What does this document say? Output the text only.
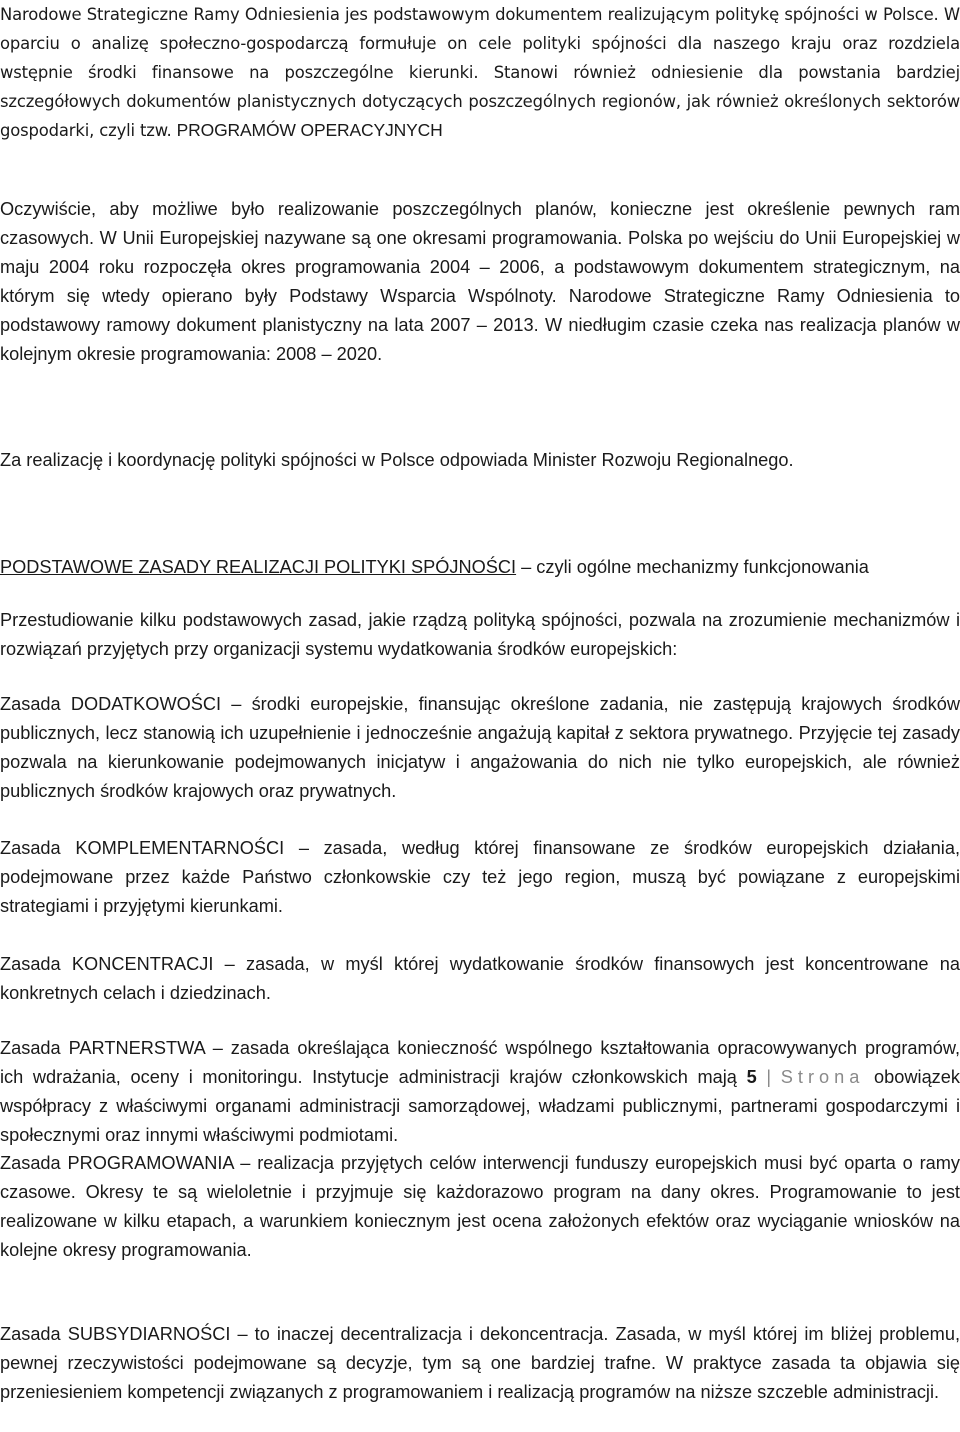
Narodowe Strategiczne Ramy Odniesienia jes podstawowym dokumentem realizującym politykę spójności w Polsce. W oparciu o analizę społeczno-gospodarczą formułuje on cele polityki spójności dla naszego kraju oraz rozdziela wstępnie środki finansowe na poszczególne kierunki. Stanowi również odniesienie dla powstania bardziej szczegółowych dokumentów planistycznych dotyczących poszczególnych regionów, jak również określonych sektorów gospodarki, czyli tzw. PROGRAMÓW OPERACYJNYCH

Oczywiście, aby możliwe było realizowanie poszczególnych planów, konieczne jest określenie pewnych ram czasowych. W Unii Europejskiej nazywane są one okresami programowania. Polska po wejściu do Unii Europejskiej w maju 2004 roku rozpoczęła okres programowania 2004 – 2006, a podstawowym dokumentem strategicznym, na którym się wtedy opierano były Podstawy Wsparcia Wspólnoty. Narodowe Strategiczne Ramy Odniesienia to podstawowy ramowy dokument planistyczny na lata 2007 – 2013. W niedługim czasie czeka nas realizacja planów w kolejnym okresie programowania: 2008 – 2020.

Za realizację i koordynację polityki spójności w Polsce odpowiada Minister Rozwoju Regionalnego.

PODSTAWOWE ZASADY REALIZACJI POLITYKI SPÓJNOŚCI – czyli ogólne mechanizmy funkcjonowania

Przestudiowanie kilku podstawowych zasad, jakie rządzą polityką spójności, pozwala na zrozumienie mechanizmów i rozwiązań przyjętych przy organizacji systemu wydatkowania środków europejskich:

Zasada DODATKOWOŚCI – środki europejskie, finansując określone zadania, nie zastępują krajowych środków publicznych, lecz stanowią ich uzupełnienie i jednocześnie angażują kapitał z sektora prywatnego. Przyjęcie tej zasady pozwala na kierunkowanie podejmowanych inicjatyw i angażowania do nich nie tylko europejskich, ale również publicznych środków krajowych oraz prywatnych.

Zasada KOMPLEMENTARNOŚCI – zasada, według której finansowane ze środków europejskich działania, podejmowane przez każde Państwo członkowskie czy też jego region, muszą być powiązane z europejskimi strategiami i przyjętymi kierunkami.

Zasada KONCENTRACJI – zasada, w myśl której wydatkowanie środków finansowych jest koncentrowane na konkretnych celach i dziedzinach.

Zasada PARTNERSTWA – zasada określająca konieczność wspólnego kształtowania opracowywanych programów, ich wdrażania, oceny i monitoringu. Instytucje administracji krajów członkowskich mają 5 | Strona obowiązek współpracy z właściwymi organami administracji samorządowej, władzami publicznymi, partnerami gospodarczymi i społecznymi oraz innymi właściwymi podmiotami.

Zasada PROGRAMOWANIA – realizacja przyjętych celów interwencji funduszy europejskich musi być oparta o ramy czasowe. Okresy te są wieloletnie i przyjmuje się każdorazowo program na dany okres. Programowanie to jest realizowane w kilku etapach, a warunkiem koniecznym jest ocena założonych efektów oraz wyciąganie wniosków na kolejne okresy programowania.

Zasada SUBSYDIARNOŚCI – to inaczej decentralizacja i dekoncentracja. Zasada, w myśl której im bliżej problemu, pewnej rzeczywistości podejmowane są decyzje, tym są one bardziej trafne. W praktyce zasada ta objawia się przeniesieniem kompetencji związanych z programowaniem i realizacją programów na niższe szczeble administracji.
